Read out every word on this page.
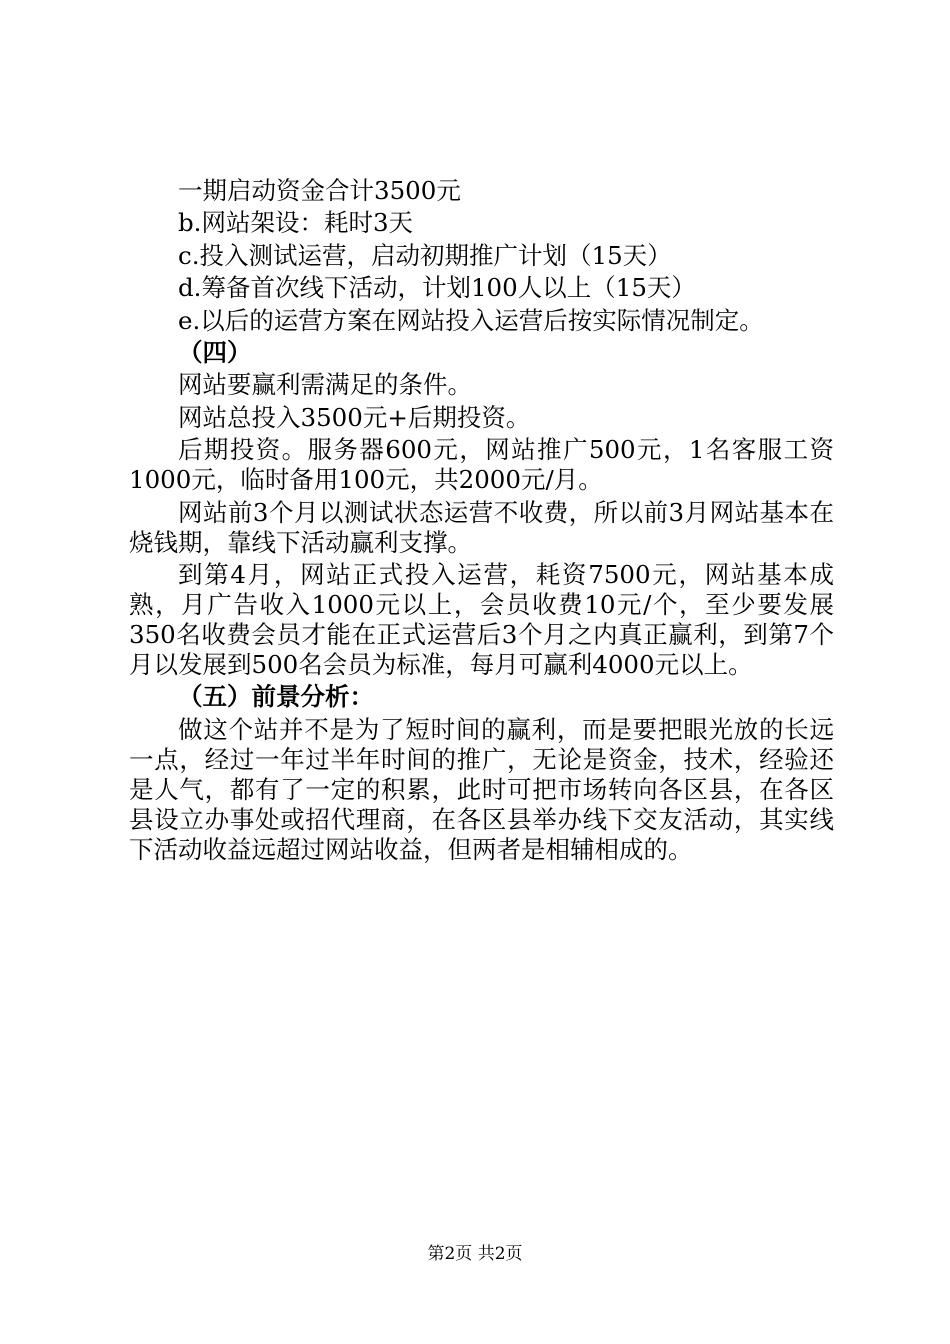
一期启动资金合计3500元

b.网站架设：耗时3天

c.投入测试运营，启动初期推广计划（15天）

d.筹备首次线下活动，计划100人以上（15天）

e.以后的运营方案在网站投入运营后按实际情况制定。

（四）

网站要赢利需满足的条件。

网站总投入3500元+后期投资。

后期投资。服务器600元，网站推广500元，1名客服工资1000元，临时备用100元，共2000元/月。

网站前3个月以测试状态运营不收费，所以前3月网站基本在烧钱期，靠线下活动赢利支撑。

到第4月，网站正式投入运营，耗资7500元，网站基本成熟，月广告收入1000元以上，会员收费10元/个，至少要发展350名收费会员才能在正式运营后3个月之内真正赢利，到第7个月以发展到500名会员为标准，每月可赢利4000元以上。

（五）前景分析：

做这个站并不是为了短时间的赢利，而是要把眼光放的长远一点，经过一年过半年时间的推广，无论是资金，技术，经验还是人气，都有了一定的积累，此时可把市场转向各区县，在各区县设立办事处或招代理商，在各区县举办线下交友活动，其实线下活动收益远超过网站收益，但两者是相辅相成的。

第2页 共2页
